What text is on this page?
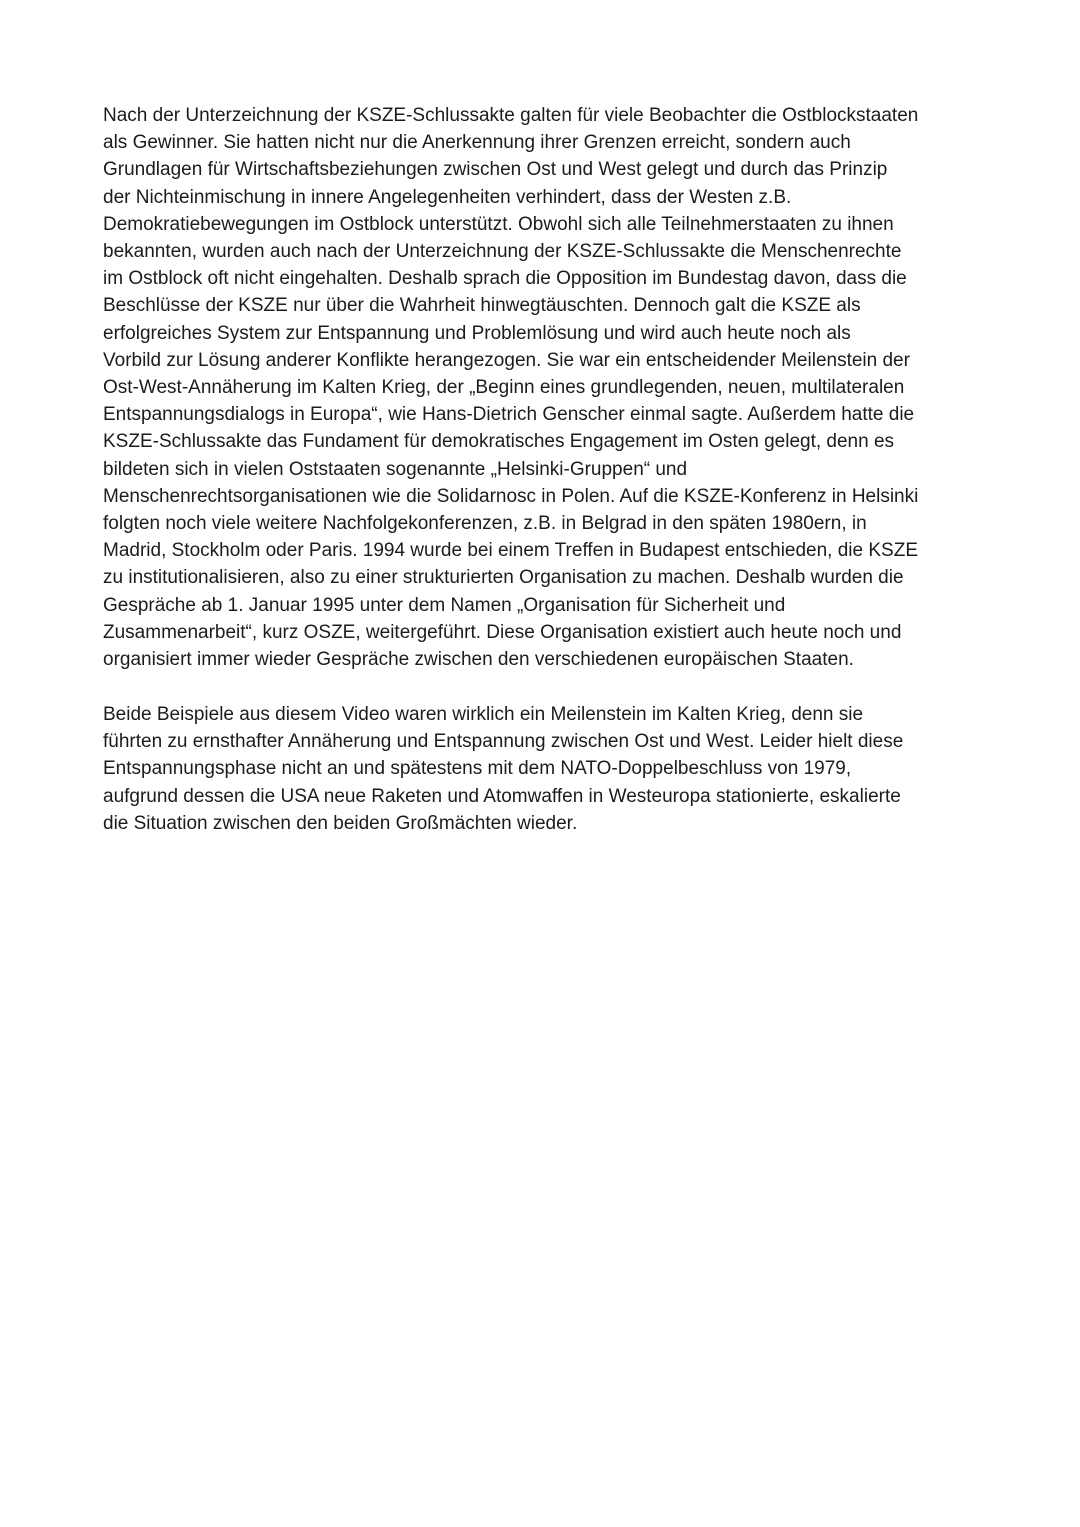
Nach der Unterzeichnung der KSZE-Schlussakte galten für viele Beobachter die Ostblockstaaten
als Gewinner. Sie hatten nicht nur die Anerkennung ihrer Grenzen erreicht, sondern auch
Grundlagen für Wirtschaftsbeziehungen zwischen Ost und West gelegt und durch das Prinzip
der Nichteinmischung in innere Angelegenheiten verhindert, dass der Westen z.B.
Demokratiebewegungen im Ostblock unterstützt. Obwohl sich alle Teilnehmerstaaten zu ihnen
bekannten, wurden auch nach der Unterzeichnung der KSZE-Schlussakte die Menschenrechte
im Ostblock oft nicht eingehalten. Deshalb sprach die Opposition im Bundestag davon, dass die
Beschlüsse der KSZE nur über die Wahrheit hinwegtäuschten. Dennoch galt die KSZE als
erfolgreiches System zur Entspannung und Problemlösung und wird auch heute noch als
Vorbild zur Lösung anderer Konflikte herangezogen. Sie war ein entscheidender Meilenstein der
Ost-West-Annäherung im Kalten Krieg, der „Beginn eines grundlegenden, neuen, multilateralen
Entspannungsdialogs in Europa“, wie Hans-Dietrich Genscher einmal sagte. Außerdem hatte die
KSZE-Schlussakte das Fundament für demokratisches Engagement im Osten gelegt, denn es
bildeten sich in vielen Oststaaten sogenannte „Helsinki-Gruppen“ und
Menschenrechtsorganisationen wie die Solidarnosc in Polen. Auf die KSZE-Konferenz in Helsinki
folgten noch viele weitere Nachfolgekonferenzen, z.B. in Belgrad in den späten 1980ern, in
Madrid, Stockholm oder Paris. 1994 wurde bei einem Treffen in Budapest entschieden, die KSZE
zu institutionalisieren, also zu einer strukturierten Organisation zu machen. Deshalb wurden die
Gespräche ab 1. Januar 1995 unter dem Namen „Organisation für Sicherheit und
Zusammenarbeit“, kurz OSZE, weitergeführt. Diese Organisation existiert auch heute noch und
organisiert immer wieder Gespräche zwischen den verschiedenen europäischen Staaten.

Beide Beispiele aus diesem Video waren wirklich ein Meilenstein im Kalten Krieg, denn sie
führten zu ernsthafter Annäherung und Entspannung zwischen Ost und West. Leider hielt diese
Entspannungsphase nicht an und spätestens mit dem NATO-Doppelbeschluss von 1979,
aufgrund dessen die USA neue Raketen und Atomwaffen in Westeuropa stationierte, eskalierte
die Situation zwischen den beiden Großmächten wieder.
